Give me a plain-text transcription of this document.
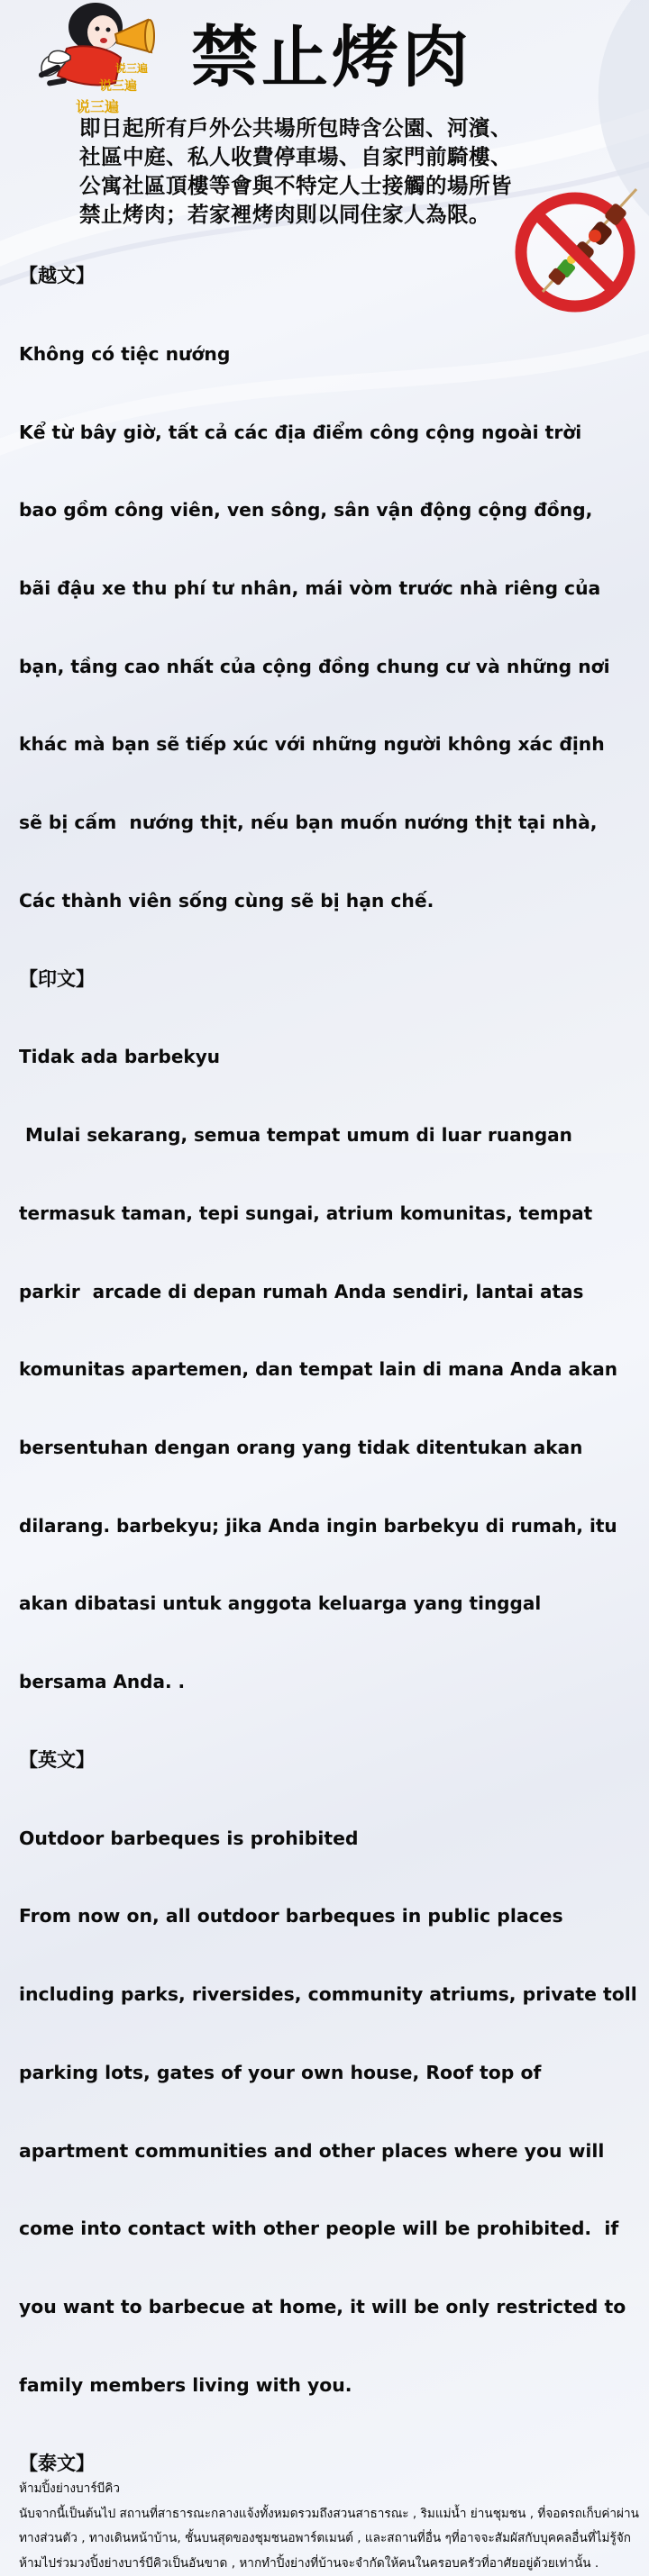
说三遍
说三遍
说三遍
禁止烤肉
即日起所有戶外公共場所包時含公園、河濱、
社區中庭、私人收費停車場、自家門前騎樓、
公寓社區頂樓等會與不特定人士接觸的場所皆
禁止烤肉；若家裡烤肉則以同住家人為限。
【越文】

Không có tiệc nướng

Kể từ bây giờ, tất cả các địa điểm công cộng ngoài trời

bao gồm công viên, ven sông, sân vận động cộng đồng,

bãi đậu xe thu phí tư nhân, mái vòm trước nhà riêng của

bạn, tầng cao nhất của cộng đồng chung cư và những nơi

khác mà bạn sẽ tiếp xúc với những người không xác định

sẽ bị cấm  nướng thịt, nếu bạn muốn nướng thịt tại nhà,

Các thành viên sống cùng sẽ bị hạn chế.

【印文】

Tidak ada barbekyu

Mulai sekarang, semua tempat umum di luar ruangan

termasuk taman, tepi sungai, atrium komunitas, tempat

parkir  arcade di depan rumah Anda sendiri, lantai atas

komunitas apartemen, dan tempat lain di mana Anda akan

bersentuhan dengan orang yang tidak ditentukan akan

dilarang. barbekyu; jika Anda ingin barbekyu di rumah, itu

akan dibatasi untuk anggota keluarga yang tinggal

bersama Anda. .

【英文】

Outdoor barbeques is prohibited

From now on, all outdoor barbeques in public places

including parks, riversides, community atriums, private toll

parking lots, gates of your own house, Roof top of

apartment communities and other places where you will

come into contact with other people will be prohibited.  if

you want to barbecue at home, it will be only restricted to

family members living with you.

【泰文】
ห้ามปิ้งย่างบาร์บีคิว
นับจากนี้เป็นต้นไป สถานที่สาธารณะกลางแจ้งทั้งหมดรวมถึงสวนสาธารณะ , ริมแม่น้ำ ย่านชุมชน , ที่จอดรถเก็บค่าผ่านทางส่วนตัว , ทางเดินหน้าบ้าน, ชั้นบนสุดของชุมชนอพาร์ตเมนต์ , และสถานที่อื่น ๆที่อาจจะสัมผัสกับบุคคลอื่นที่ไม่รู้จักห้ามไปร่วมวงปิ้งย่างบาร์บีคิวเป็นอันขาด , หากทำปิ้งย่างที่บ้านจะจำกัดให้คนในครอบครัวที่อาศัยอยู่ด้วยเท่านั้น .
